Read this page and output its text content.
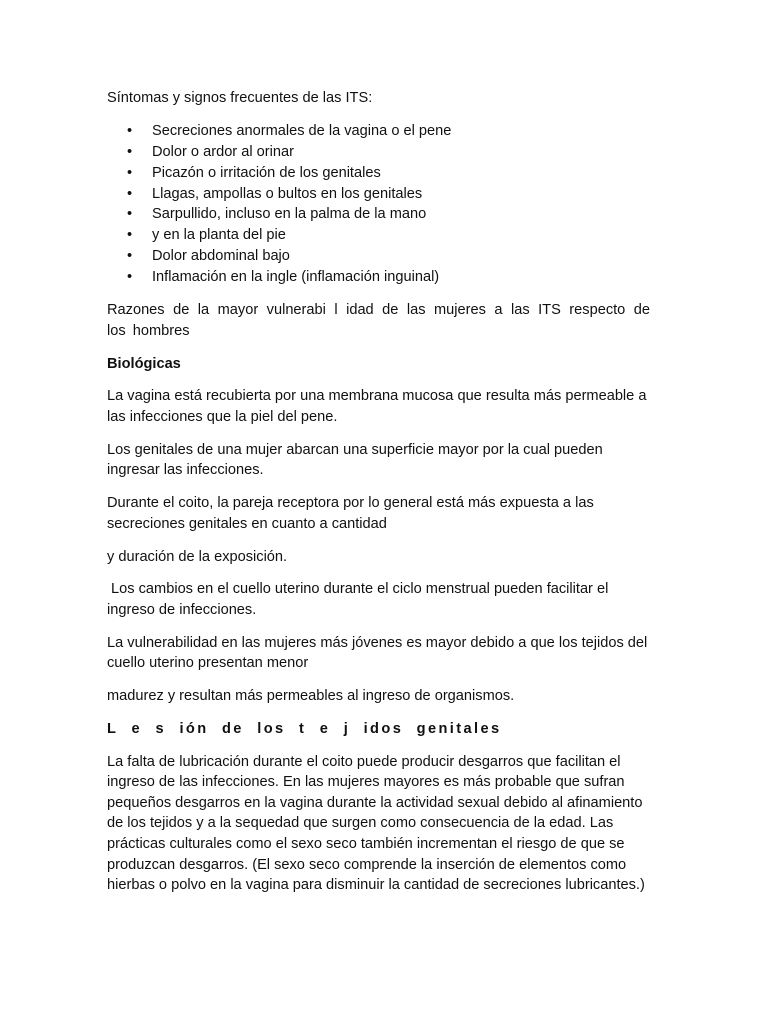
Síntomas y signos frecuentes de las ITS:

• Secreciones anormales de la vagina o el pene
• Dolor o ardor al orinar
• Picazón o irritación de los genitales
• Llagas, ampollas o bultos en los genitales
• Sarpullido, incluso en la palma de la mano
• y en la planta del pie
• Dolor abdominal bajo
• Inflamación en la ingle (inflamación inguinal)

Razones de la mayor vulnerabi l idad de las mujeres a las ITS respecto de los hombres

Biológicas

La vagina está recubierta por una membrana mucosa que resulta más permeable a las infecciones que la piel del pene.

Los genitales de una mujer abarcan una superficie mayor por la cual pueden ingresar las infecciones.

Durante el coito, la pareja receptora por lo general está más expuesta a las secreciones genitales en cuanto a cantidad

y duración de la exposición.

Los cambios en el cuello uterino durante el ciclo menstrual pueden facilitar el ingreso de infecciones.

La vulnerabilidad en las mujeres más jóvenes es mayor debido a que los tejidos del cuello uterino presentan menor

madurez y resultan más permeables al ingreso de organismos.

L e s ión de los t e j idos genitales

La falta de lubricación durante el coito puede producir desgarros que facilitan el ingreso de las infecciones. En las mujeres mayores es más probable que sufran pequeños desgarros en la vagina durante la actividad sexual debido al afinamiento de los tejidos y a la sequedad que surgen como consecuencia de la edad. Las prácticas culturales como el sexo seco también incrementan el riesgo de que se produzcan desgarros. (El sexo seco comprende la inserción de elementos como hierbas o polvo en la vagina para disminuir la cantidad de secreciones lubricantes.)
